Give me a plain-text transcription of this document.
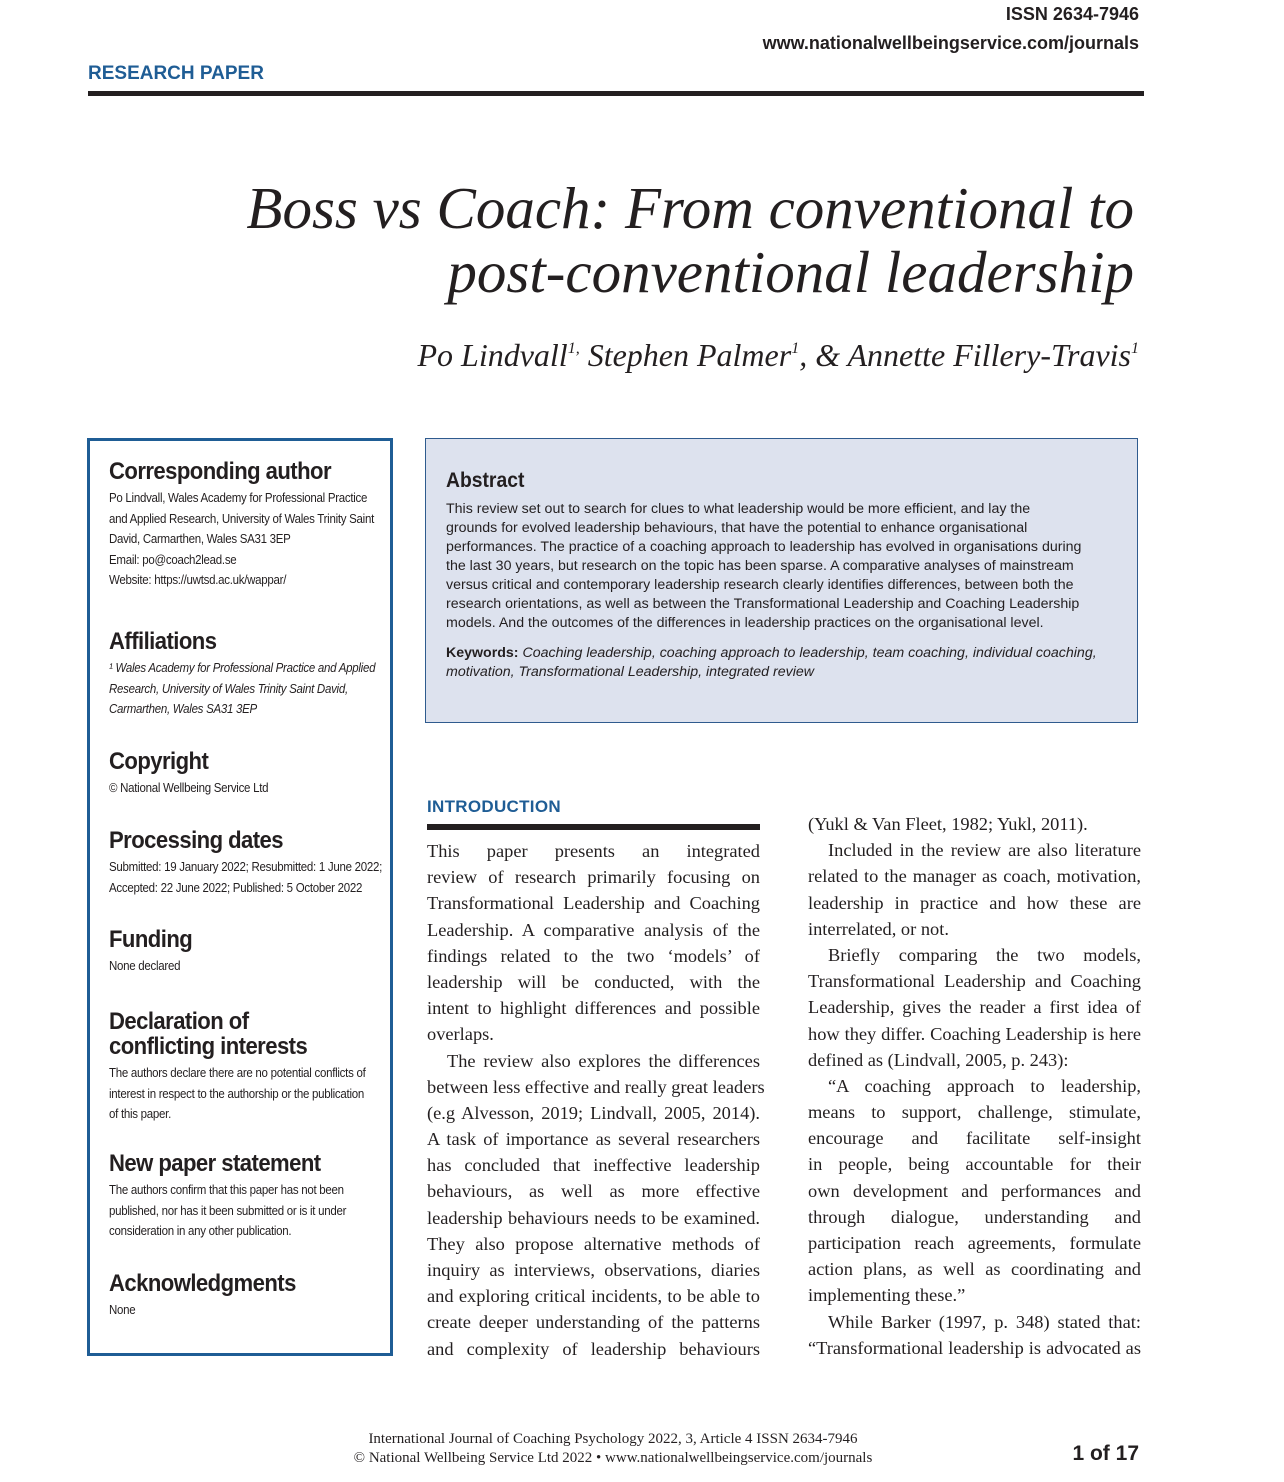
ISSN 2634-7946
www.nationalwellbeingservice.com/journals
RESEARCH PAPER
Boss vs Coach: From conventional to
post-conventional leadership
Po Lindvall$^{1,}$ Stephen Palmer$^1$, & Annette Fillery-Travis$^1$
Corresponding author
Po Lindvall, Wales Academy for Professional Practice
and Applied Research, University of Wales Trinity Saint
David, Carmarthen, Wales SA31 3EP
Email: po@coach2lead.se
Website: https://uwtsd.ac.uk/wappar/
Affiliations
¹ Wales Academy for Professional Practice and Applied
Research, University of Wales Trinity Saint David,
Carmarthen, Wales SA31 3EP
Copyright
© National Wellbeing Service Ltd
Processing dates
Submitted: 19 January 2022; Resubmitted: 1 June 2022;
Accepted: 22 June 2022; Published: 5 October 2022
Funding
None declared
Declaration of
conflicting interests
The authors declare there are no potential conflicts of
interest in respect to the authorship or the publication
of this paper.
New paper statement
The authors confirm that this paper has not been
published, nor has it been submitted or is it under
consideration in any other publication.
Acknowledgments
None
Abstract
This review set out to search for clues to what leadership would be more efficient, and lay the
grounds for evolved leadership behaviours, that have the potential to enhance organisational
performances. The practice of a coaching approach to leadership has evolved in organisations during
the last 30 years, but research on the topic has been sparse. A comparative analyses of mainstream
versus critical and contemporary leadership research clearly identifies differences, between both the
research orientations, as well as between the Transformational Leadership and Coaching Leadership
models. And the outcomes of the differences in leadership practices on the organisational level.
Keywords: Coaching leadership, coaching approach to leadership, team coaching, individual coaching,
motivation, Transformational Leadership, integrated review
INTRODUCTION
This paper presents an integrated
review of research primarily focusing on
Transformational Leadership and Coaching
Leadership. A comparative analysis of the
findings related to the two ‘models’ of
leadership will be conducted, with the
intent to highlight differences and possible
overlaps.
The review also explores the differences
between less effective and really great leaders
(e.g Alvesson, 2019; Lindvall, 2005, 2014).
A task of importance as several researchers
has concluded that ineffective leadership
behaviours, as well as more effective
leadership behaviours needs to be examined.
They also propose alternative methods of
inquiry as interviews, observations, diaries
and exploring critical incidents, to be able to
create deeper understanding of the patterns
and complexity of leadership behaviours
(Yukl & Van Fleet, 1982; Yukl, 2011).
Included in the review are also literature
related to the manager as coach, motivation,
leadership in practice and how these are
interrelated, or not.
Briefly comparing the two models,
Transformational Leadership and Coaching
Leadership, gives the reader a first idea of
how they differ. Coaching Leadership is here
defined as (Lindvall, 2005, p. 243):
“A coaching approach to leadership,
means to support, challenge, stimulate,
encourage and facilitate self-insight
in people, being accountable for their
own development and performances and
through dialogue, understanding and
participation reach agreements, formulate
action plans, as well as coordinating and
implementing these.”
While Barker (1997, p. 348) stated that:
“Transformational leadership is advocated as
International Journal of Coaching Psychology 2022, 3, Article 4 ISSN 2634-7946
© National Wellbeing Service Ltd 2022 • www.nationalwellbeingservice.com/journals	1 of 17
